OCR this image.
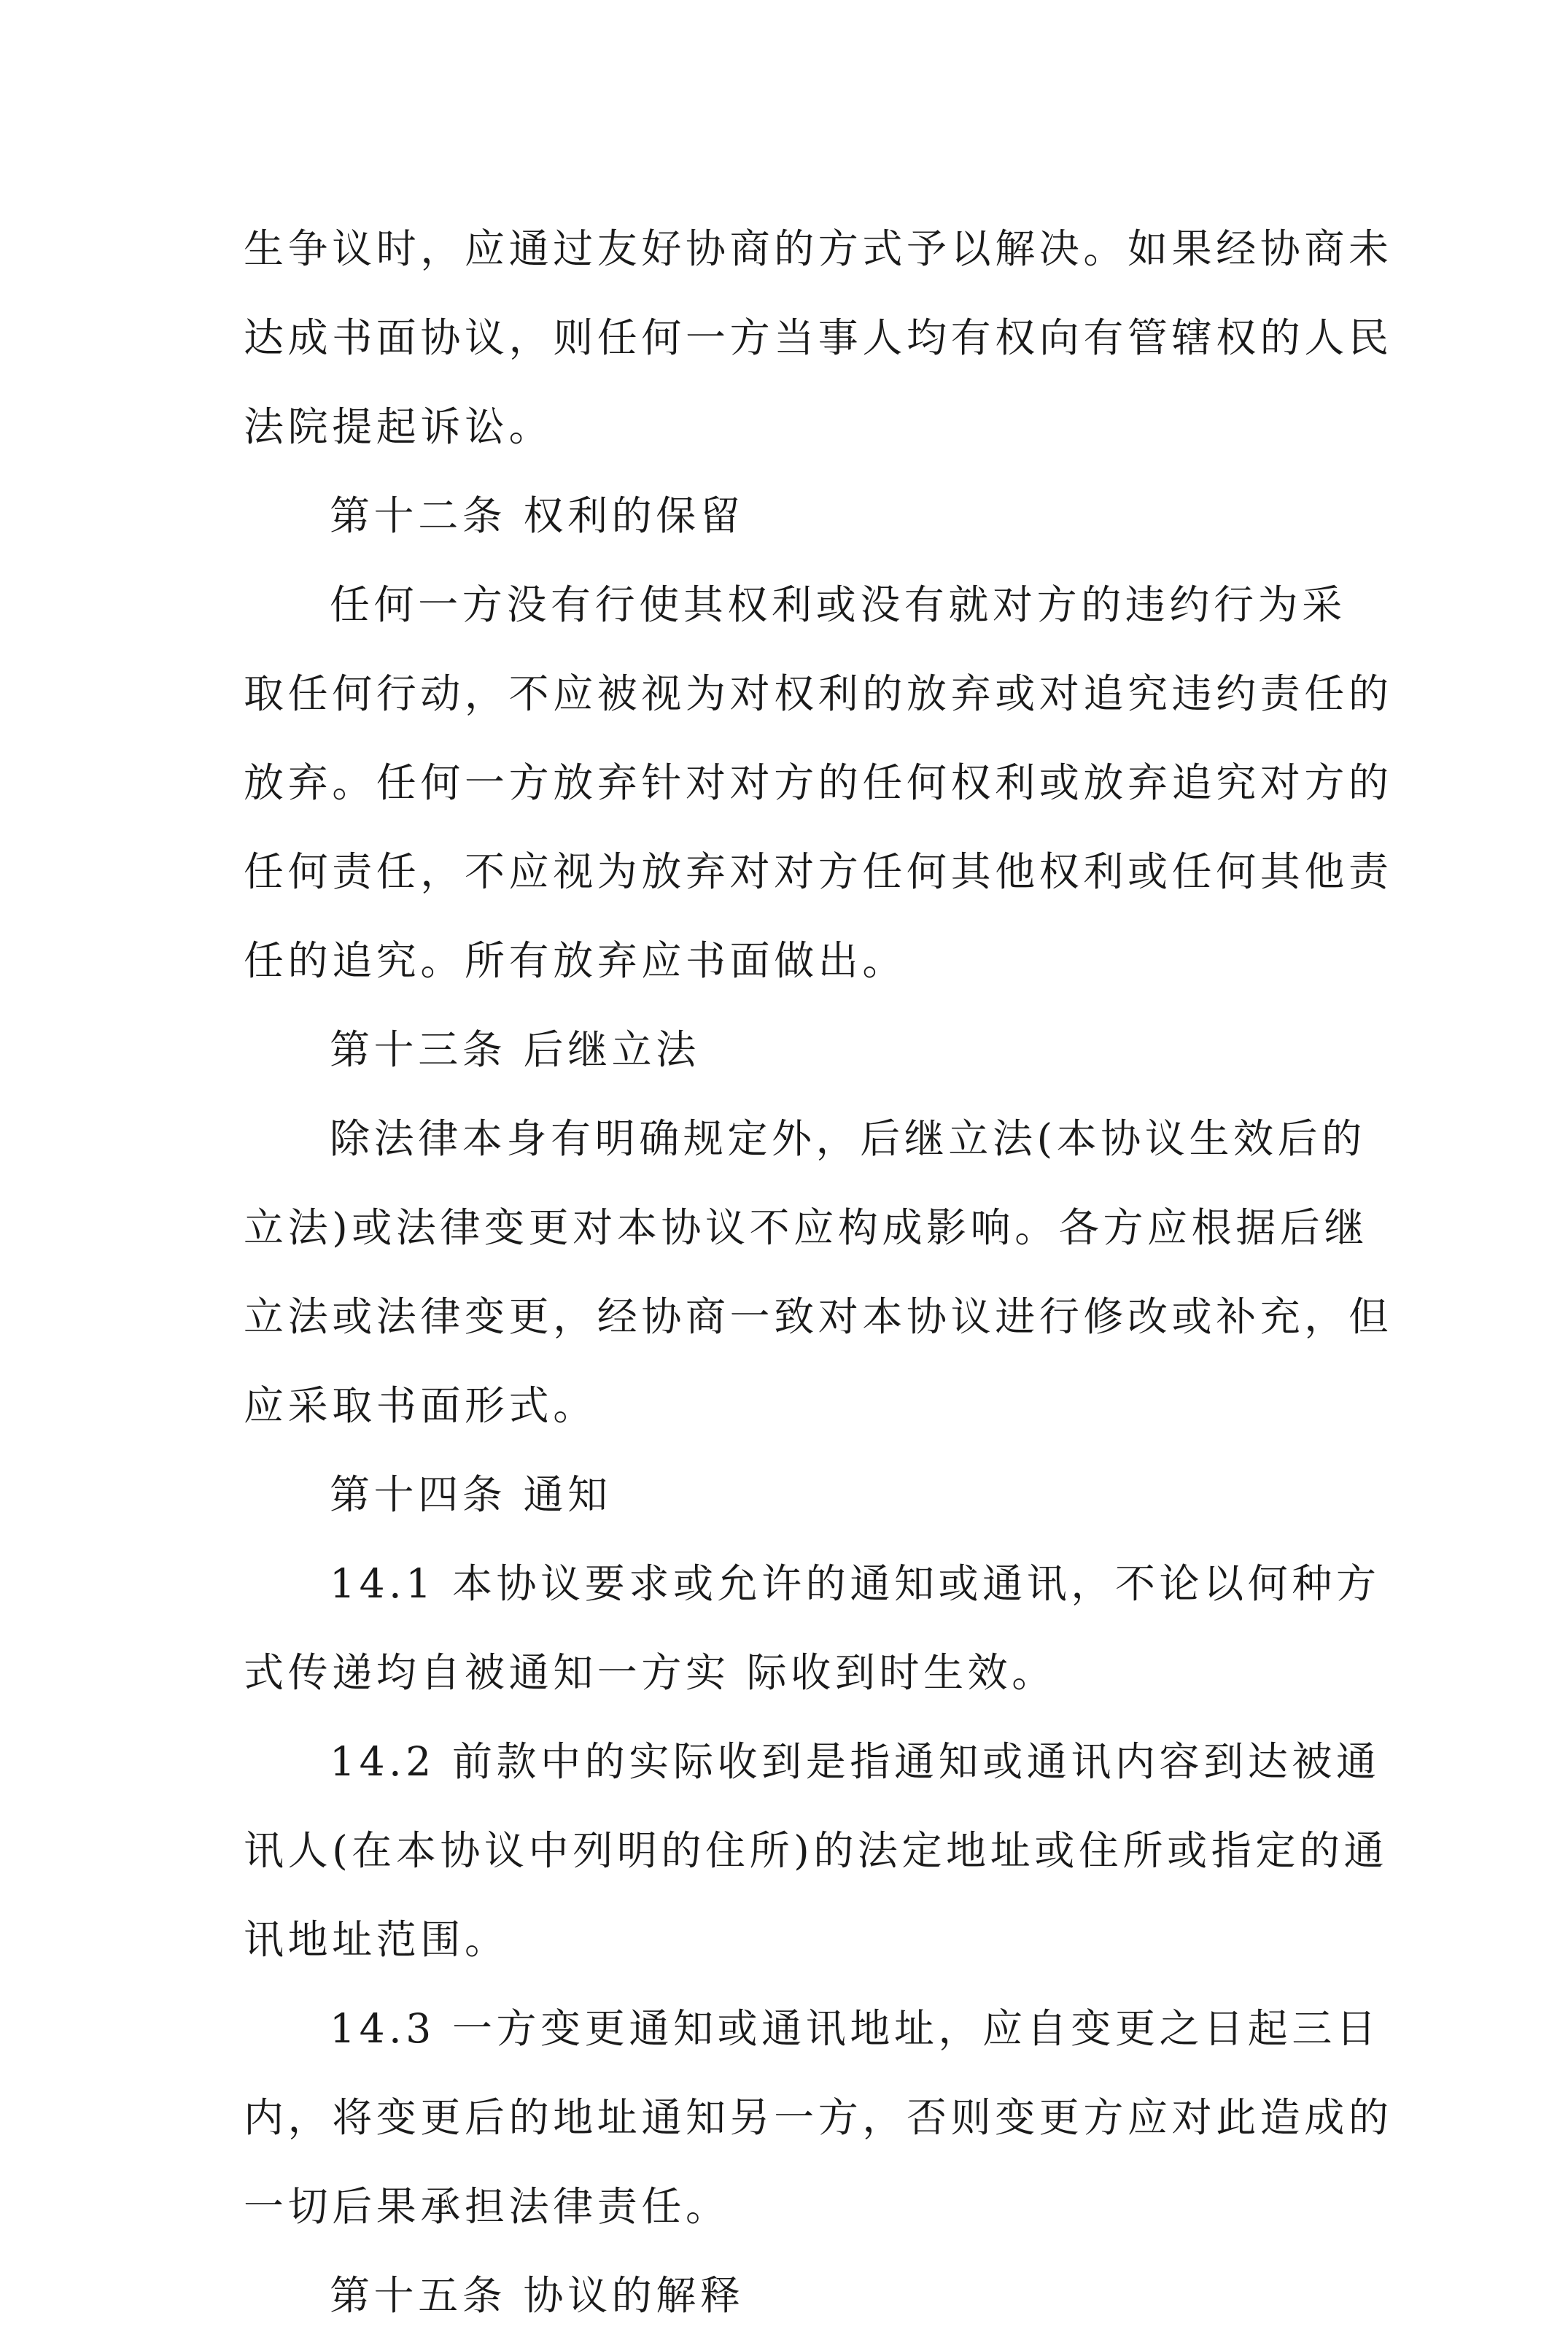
生争议时，应通过友好协商的方式予以解决。如果经协商未
达成书面协议，则任何一方当事人均有权向有管辖权的人民
法院提起诉讼。
第十二条 权利的保留
任何一方没有行使其权利或没有就对方的违约行为采
取任何行动，不应被视为对权利的放弃或对追究违约责任的
放弃。任何一方放弃针对对方的任何权利或放弃追究对方的
任何责任，不应视为放弃对对方任何其他权利或任何其他责
任的追究。所有放弃应书面做出。
第十三条 后继立法
除法律本身有明确规定外，后继立法(本协议生效后的
立法)或法律变更对本协议不应构成影响。各方应根据后继
立法或法律变更，经协商一致对本协议进行修改或补充，但
应采取书面形式。
第十四条 通知
14.1 本协议要求或允许的通知或通讯，不论以何种方
式传递均自被通知一方实 际收到时生效。
14.2 前款中的实际收到是指通知或通讯内容到达被通
讯人(在本协议中列明的住所)的法定地址或住所或指定的通
讯地址范围。
14.3 一方变更通知或通讯地址，应自变更之日起三日
内，将变更后的地址通知另一方，否则变更方应对此造成的
一切后果承担法律责任。
第十五条 协议的解释
